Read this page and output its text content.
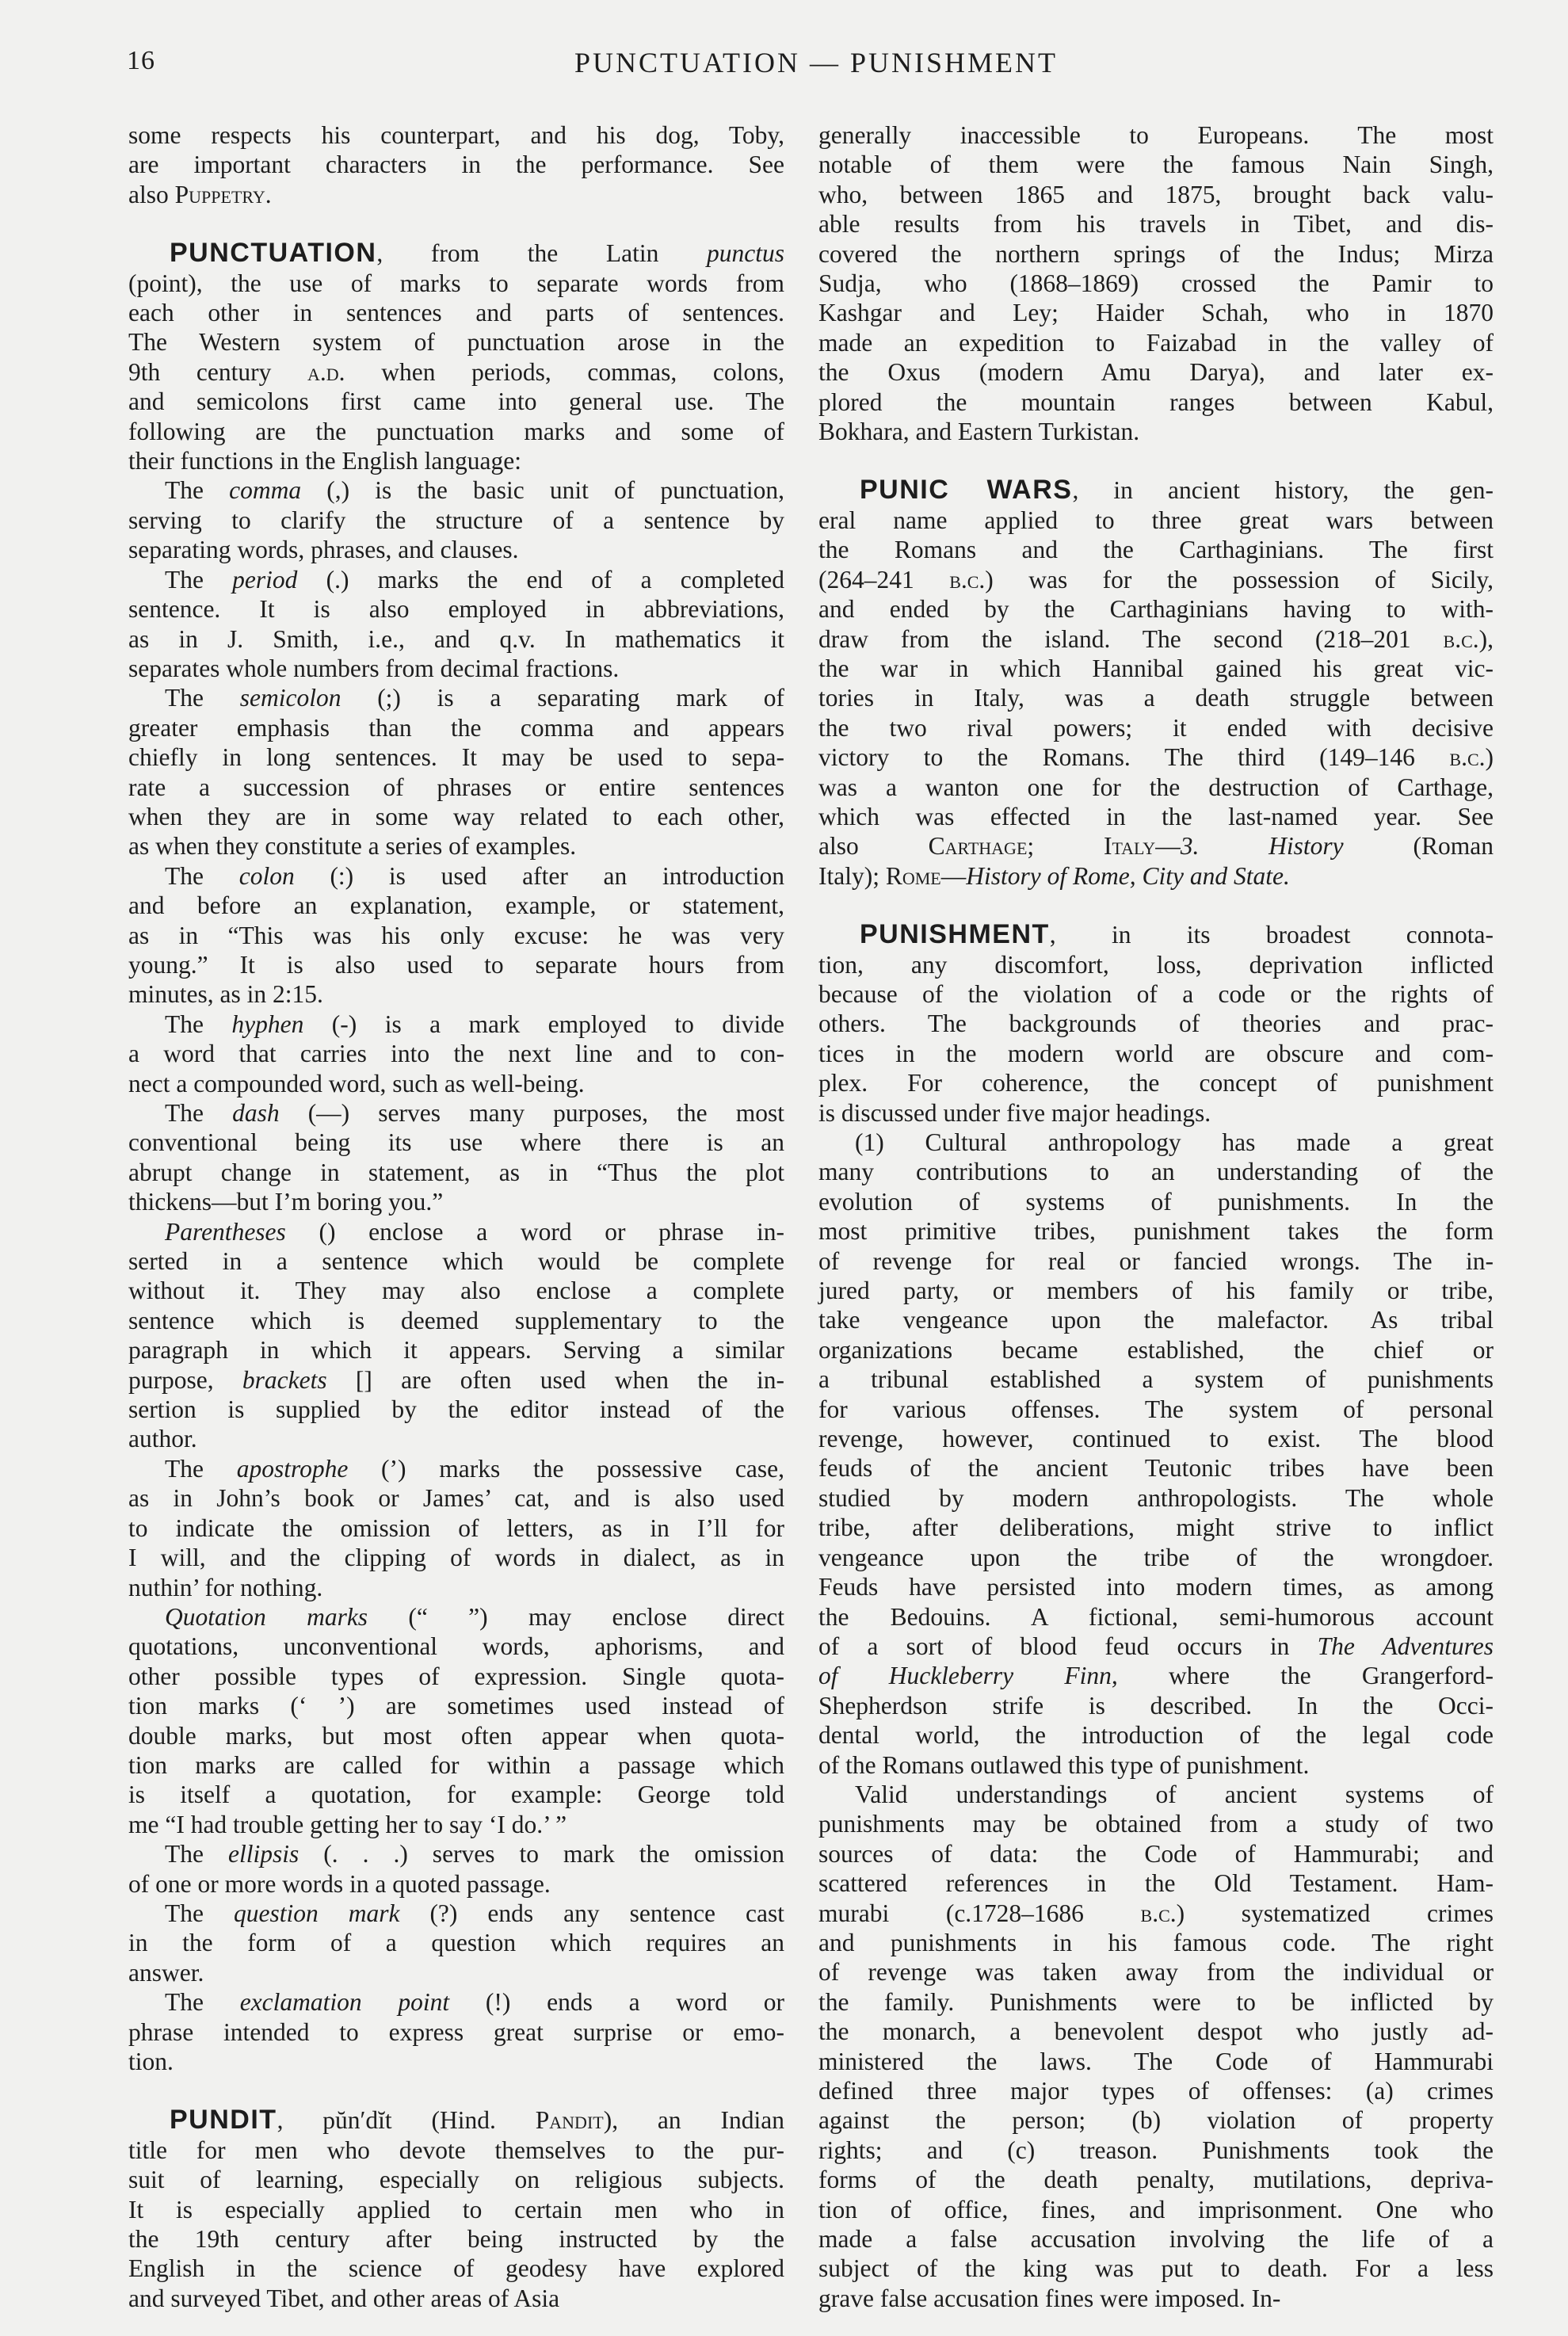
16	PUNCTUATION — PUNISHMENT
some respects his counterpart, and his dog, Toby,
are important characters in the performance. See
also Puppetry.
PUNCTUATION, from the Latin punctus
(point), the use of marks to separate words from
each other in sentences and parts of sentences.
The Western system of punctuation arose in the
9th century a.d. when periods, commas, colons,
and semicolons first came into general use. The
following are the punctuation marks and some of
their functions in the English language:
The comma (,) is the basic unit of punctuation,
serving to clarify the structure of a sentence by
separating words, phrases, and clauses.
The period (.) marks the end of a completed
sentence. It is also employed in abbreviations,
as in J. Smith, i.e., and q.v. In mathematics it
separates whole numbers from decimal fractions.
The semicolon (;) is a separating mark of
greater emphasis than the comma and appears
chiefly in long sentences. It may be used to sepa-
rate a succession of phrases or entire sentences
when they are in some way related to each other,
as when they constitute a series of examples.
The colon (:) is used after an introduction
and before an explanation, example, or statement,
as in “This was his only excuse: he was very
young.” It is also used to separate hours from
minutes, as in 2:15.
The hyphen (-) is a mark employed to divide
a word that carries into the next line and to con-
nect a compounded word, such as well-being.
The dash (—) serves many purposes, the most
conventional being its use where there is an
abrupt change in statement, as in “Thus the plot
thickens—but I’m boring you.”
Parentheses () enclose a word or phrase in-
serted in a sentence which would be complete
without it. They may also enclose a complete
sentence which is deemed supplementary to the
paragraph in which it appears. Serving a similar
purpose, brackets [] are often used when the in-
sertion is supplied by the editor instead of the
author.
The apostrophe (’) marks the possessive case,
as in John’s book or James’ cat, and is also used
to indicate the omission of letters, as in I’ll for
I will, and the clipping of words in dialect, as in
nuthin’ for nothing.
Quotation marks (“ ”) may enclose direct
quotations, unconventional words, aphorisms, and
other possible types of expression. Single quota-
tion marks (‘ ’) are sometimes used instead of
double marks, but most often appear when quota-
tion marks are called for within a passage which
is itself a quotation, for example: George told
me “I had trouble getting her to say ‘I do.’ ”
The ellipsis (. . .) serves to mark the omission
of one or more words in a quoted passage.
The question mark (?) ends any sentence cast
in the form of a question which requires an
answer.
The exclamation point (!) ends a word or
phrase intended to express great surprise or emo-
tion.
PUNDIT, pŭn′dĭt (Hind. Pandit), an Indian
title for men who devote themselves to the pur-
suit of learning, especially on religious subjects.
It is especially applied to certain men who in
the 19th century after being instructed by the
English in the science of geodesy have explored
and surveyed Tibet, and other areas of Asia
generally inaccessible to Europeans. The most
notable of them were the famous Nain Singh,
who, between 1865 and 1875, brought back valu-
able results from his travels in Tibet, and dis-
covered the northern springs of the Indus; Mirza
Sudja, who (1868–1869) crossed the Pamir to
Kashgar and Ley; Haider Schah, who in 1870
made an expedition to Faizabad in the valley of
the Oxus (modern Amu Darya), and later ex-
plored the mountain ranges between Kabul,
Bokhara, and Eastern Turkistan.
PUNIC WARS, in ancient history, the gen-
eral name applied to three great wars between
the Romans and the Carthaginians. The first
(264–241 b.c.) was for the possession of Sicily,
and ended by the Carthaginians having to with-
draw from the island. The second (218–201 b.c.),
the war in which Hannibal gained his great vic-
tories in Italy, was a death struggle between
the two rival powers; it ended with decisive
victory to the Romans. The third (149–146 b.c.)
was a wanton one for the destruction of Carthage,
which was effected in the last-named year. See
also Carthage; Italy—3. History (Roman
Italy); Rome—History of Rome, City and State.
PUNISHMENT, in its broadest connota-
tion, any discomfort, loss, deprivation inflicted
because of the violation of a code or the rights of
others. The backgrounds of theories and prac-
tices in the modern world are obscure and com-
plex. For coherence, the concept of punishment
is discussed under five major headings.
(1) Cultural anthropology has made a great
many contributions to an understanding of the
evolution of systems of punishments. In the
most primitive tribes, punishment takes the form
of revenge for real or fancied wrongs. The in-
jured party, or members of his family or tribe,
take vengeance upon the malefactor. As tribal
organizations became established, the chief or
a tribunal established a system of punishments
for various offenses. The system of personal
revenge, however, continued to exist. The blood
feuds of the ancient Teutonic tribes have been
studied by modern anthropologists. The whole
tribe, after deliberations, might strive to inflict
vengeance upon the tribe of the wrongdoer.
Feuds have persisted into modern times, as among
the Bedouins. A fictional, semi-humorous account
of a sort of blood feud occurs in The Adventures
of Huckleberry Finn, where the Grangerford-
Shepherdson strife is described. In the Occi-
dental world, the introduction of the legal code
of the Romans outlawed this type of punishment.
Valid understandings of ancient systems of
punishments may be obtained from a study of two
sources of data: the Code of Hammurabi; and
scattered references in the Old Testament. Ham-
murabi (c.1728–1686 b.c.) systematized crimes
and punishments in his famous code. The right
of revenge was taken away from the individual or
the family. Punishments were to be inflicted by
the monarch, a benevolent despot who justly ad-
ministered the laws. The Code of Hammurabi
defined three major types of offenses: (a) crimes
against the person; (b) violation of property
rights; and (c) treason. Punishments took the
forms of the death penalty, mutilations, depriva-
tion of office, fines, and imprisonment. One who
made a false accusation involving the life of a
subject of the king was put to death. For a less
grave false accusation fines were imposed. In-
